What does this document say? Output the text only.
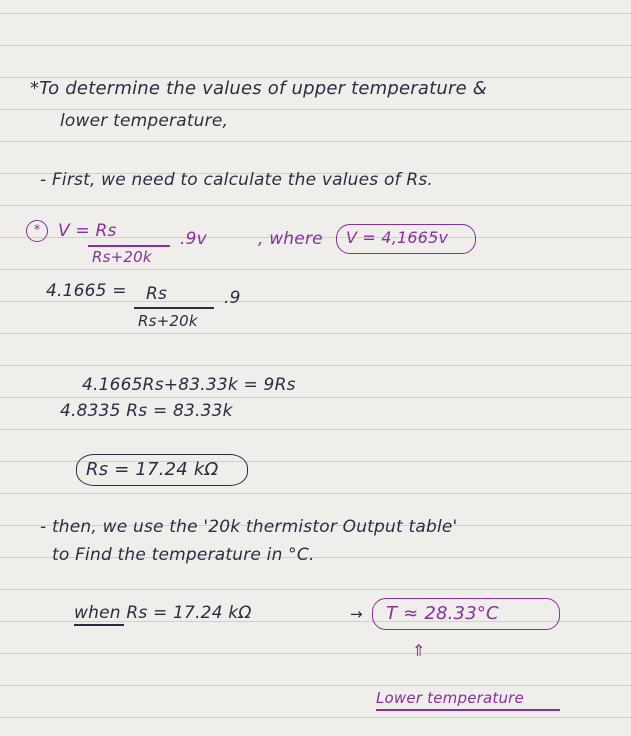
*To determine the values of upper temperature &
lower temperature,
- First, we need to calculate the values of Rs.
*	V = Rs
Rs+20k
.9v	, where V = 4,1665v
4.1665 = Rs
Rs+20k
.9
4.1665Rs+83.33k = 9Rs
4.8335 Rs = 83.33k
Rs = 17.24 kΩ
- then, we use the '20k thermistor Output table'
to Find the temperature in °C.
when Rs = 17.24 kΩ	→ T ≈ 28.33°C
⇑
Lower temperature
